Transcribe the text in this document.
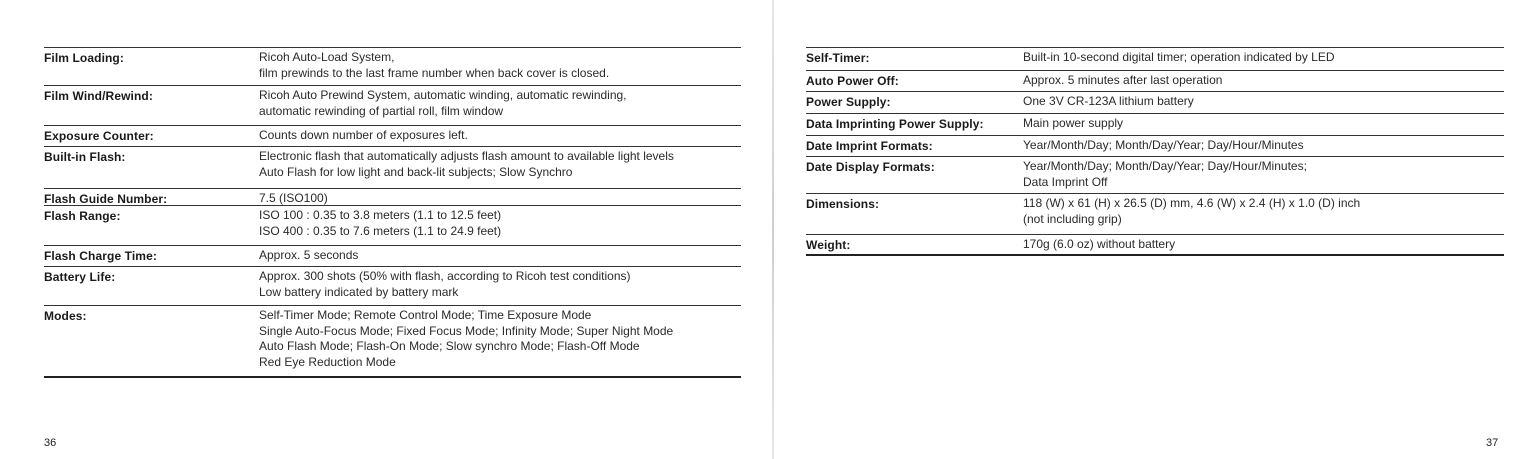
Film Loading:	Ricoh Auto-Load System,
film prewinds to the last frame number when back cover is closed.
Film Wind/Rewind:	Ricoh Auto Prewind System, automatic winding, automatic rewinding,
automatic rewinding of partial roll, film window
Exposure Counter:	Counts down number of exposures left.
Built-in Flash:	Electronic flash that automatically adjusts flash amount to available light levels
Auto Flash for low light and back-lit subjects; Slow Synchro
Flash Guide Number:	7.5 (ISO100)
Flash Range:	ISO 100 : 0.35 to 3.8 meters (1.1 to 12.5 feet)
ISO 400 : 0.35 to 7.6 meters (1.1 to 24.9 feet)
Flash Charge Time:	Approx. 5 seconds
Battery Life:	Approx. 300 shots (50% with flash, according to Ricoh test conditions)
Low battery indicated by battery mark
Modes:	Self-Timer Mode; Remote Control Mode; Time Exposure Mode
Single Auto-Focus Mode; Fixed Focus Mode; Infinity Mode; Super Night Mode
Auto Flash Mode; Flash-On Mode; Slow synchro Mode; Flash-Off Mode
Red Eye Reduction Mode
36
Self-Timer:	Built-in 10-second digital timer; operation indicated by LED
Auto Power Off:	Approx. 5 minutes after last operation
Power Supply:	One 3V CR-123A lithium battery
Data Imprinting Power Supply:	Main power supply
Date Imprint Formats:	Year/Month/Day; Month/Day/Year; Day/Hour/Minutes
Date Display Formats:	Year/Month/Day; Month/Day/Year; Day/Hour/Minutes;
Data Imprint Off
Dimensions:	118 (W) x 61 (H) x 26.5 (D) mm, 4.6 (W) x 2.4 (H) x 1.0 (D) inch
(not including grip)
Weight:	170g (6.0 oz) without battery
37
